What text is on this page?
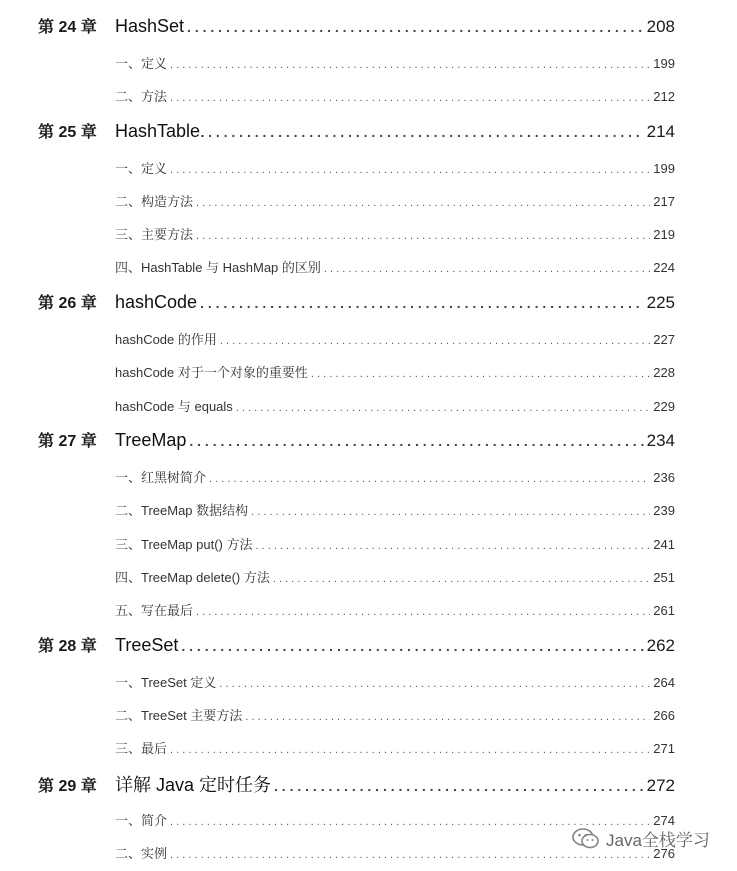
第 24 章	HashSet . . .	208
一、定义 . . .	199
二、方法 . . .	212
第 25 章	HashTable. . . .	214
一、定义 . . .	199
二、构造方法 . . .	217
三、主要方法 . . .	219
四、HashTable 与 HashMap 的区别 . . .	224
第 26 章	hashCode . . .	225
hashCode 的作用 . . .	227
hashCode 对于一个对象的重要性 . . .	228
hashCode 与 equals . . .	229
第 27 章	TreeMap . . .	234
一、红黑树简介 . . .	236
二、TreeMap 数据结构 . . .	239
三、TreeMap put() 方法 . . .	241
四、TreeMap delete() 方法 . . .	251
五、写在最后 . . .	261
第 28 章	TreeSet . . .	262
一、TreeSet 定义 . . .	264
二、TreeSet 主要方法 . . .	266
三、最后 . . .	271
第 29 章	详解 Java 定时任务 . . .	272
一、简介 . . .	274
二、实例 . . .	276
Java全栈学习
